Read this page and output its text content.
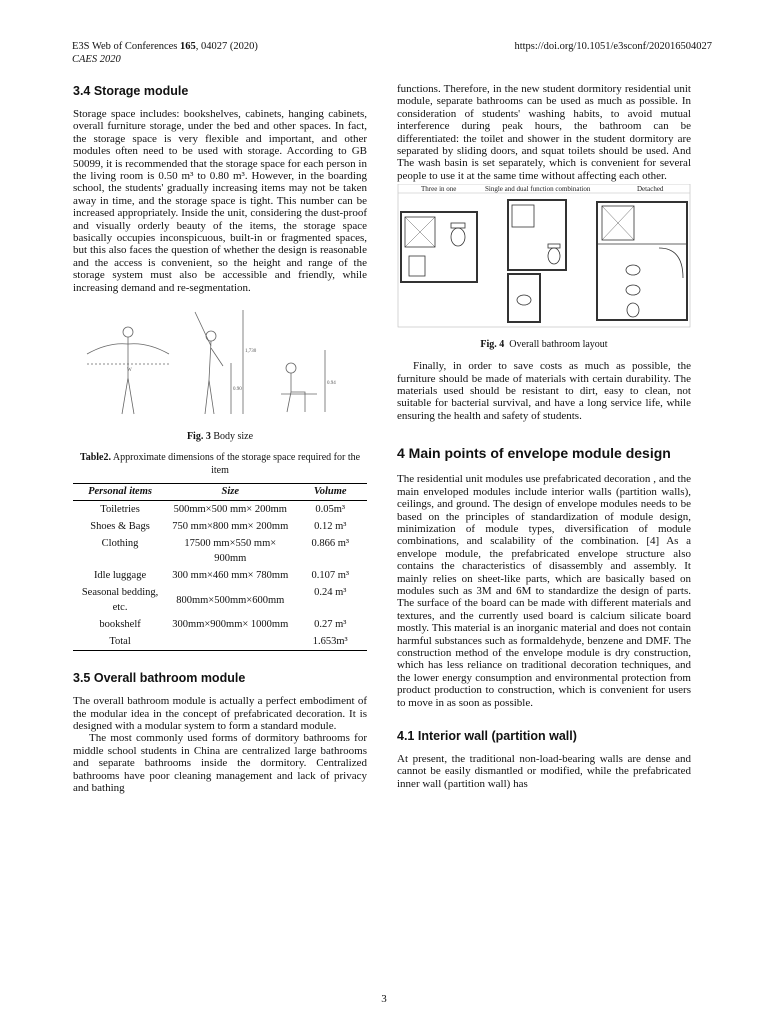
E3S Web of Conferences 165, 04027 (2020)
CAES 2020
https://doi.org/10.1051/e3sconf/202016504027
3.4 Storage module

Storage space includes: bookshelves, cabinets, hanging cabinets, overall furniture storage, under the bed and other spaces. In fact, the storage space is very flexible and important, and other modules often need to be used with storage. According to GB 50099, it is recommended that the storage space for each person in the living room is 0.50 m³ to 0.80 m³. However, in the boarding school, the students' gradually increasing items may not be taken away in time, and the storage space is tight. This number can be increased appropriately. Inside the unit, considering the dust-proof and visually orderly beauty of the items, the storage space basically occupies inconspicuous, built-in or fragmented spaces, but this also faces the question of whether the design is reasonable and the access is convenient, so the height and range of the storage system must also be accessible and friendly, while increasing demand and re-segmentation.

W
1,730
0.90
0.94
Fig. 3 Body size
Table2. Approximate dimensions of the storage space required for the item
Personal items	Size	Volume
Toiletries	500mm×500 mm× 200mm	0.05m³
Shoes & Bags	750 mm×800 mm× 200mm	0.12 m³
Clothing	17500 mm×550 mm× 900mm	0.866 m³
Idle luggage	300 mm×460 mm× 780mm	0.107 m³
Seasonal bedding, etc.	800mm×500mm×600mm	0.24 m³
bookshelf	300mm×900mm× 1000mm	0.27 m³
Total		1.653m³
3.5 Overall bathroom module

The overall bathroom module is actually a perfect embodiment of the modular idea in the concept of prefabricated decoration. It is designed with a modular system to form a standard module.

The most commonly used forms of dormitory bathrooms for middle school students in China are centralized large bathrooms and separate bathrooms inside the dormitory. Centralized bathrooms have poor cleaning management and lack of privacy and bathing

functions. Therefore, in the new student dormitory residential unit module, separate bathrooms can be used as much as possible. In consideration of students' washing habits, to avoid mutual interference during peak hours, the bathroom can be differentiated: the toilet and shower in the student dormitory are separated by sliding doors, and squat toilets should be used. And The wash basin is set separately, which is convenient for several people to use it at the same time without affecting each other.

Three in one	Single and dual function combination	Detached
Fig. 4 Overall bathroom layout

Finally, in order to save costs as much as possible, the furniture should be made of materials with certain durability. The materials used should be resistant to dirt, easy to clean, not suitable for bacterial survival, and have a long service life, while ensuring the health and safety of students.

4 Main points of envelope module design

The residential unit modules use prefabricated decoration , and the main enveloped modules include interior walls (partition walls), ceilings, and ground. The design of envelope modules needs to be based on the principles of standardization of module design, minimization of module types, diversification of module combinations, and scalability of the combination. [4] As a envelope module, the prefabricated envelope structure also contains the characteristics of disassembly and assembly. It mainly relies on sheet-like parts, which are basically based on modules such as 3M and 6M to standardize the design of parts. The surface of the board can be made with different materials and textures, and the currently used board is calcium silicate board mostly. This material is an inorganic material and does not contain harmful substances such as formaldehyde, benzene and DMF. The construction method of the envelope module is dry construction, which has less reliance on traditional decoration techniques, and the lower energy consumption and environmental protection from product production to construction, which is convenient for users to move in as soon as possible.

4.1 Interior wall (partition wall)

At present, the traditional non-load-bearing walls are dense and cannot be easily dismantled or modified, while the prefabricated inner wall (partition wall) has

3
